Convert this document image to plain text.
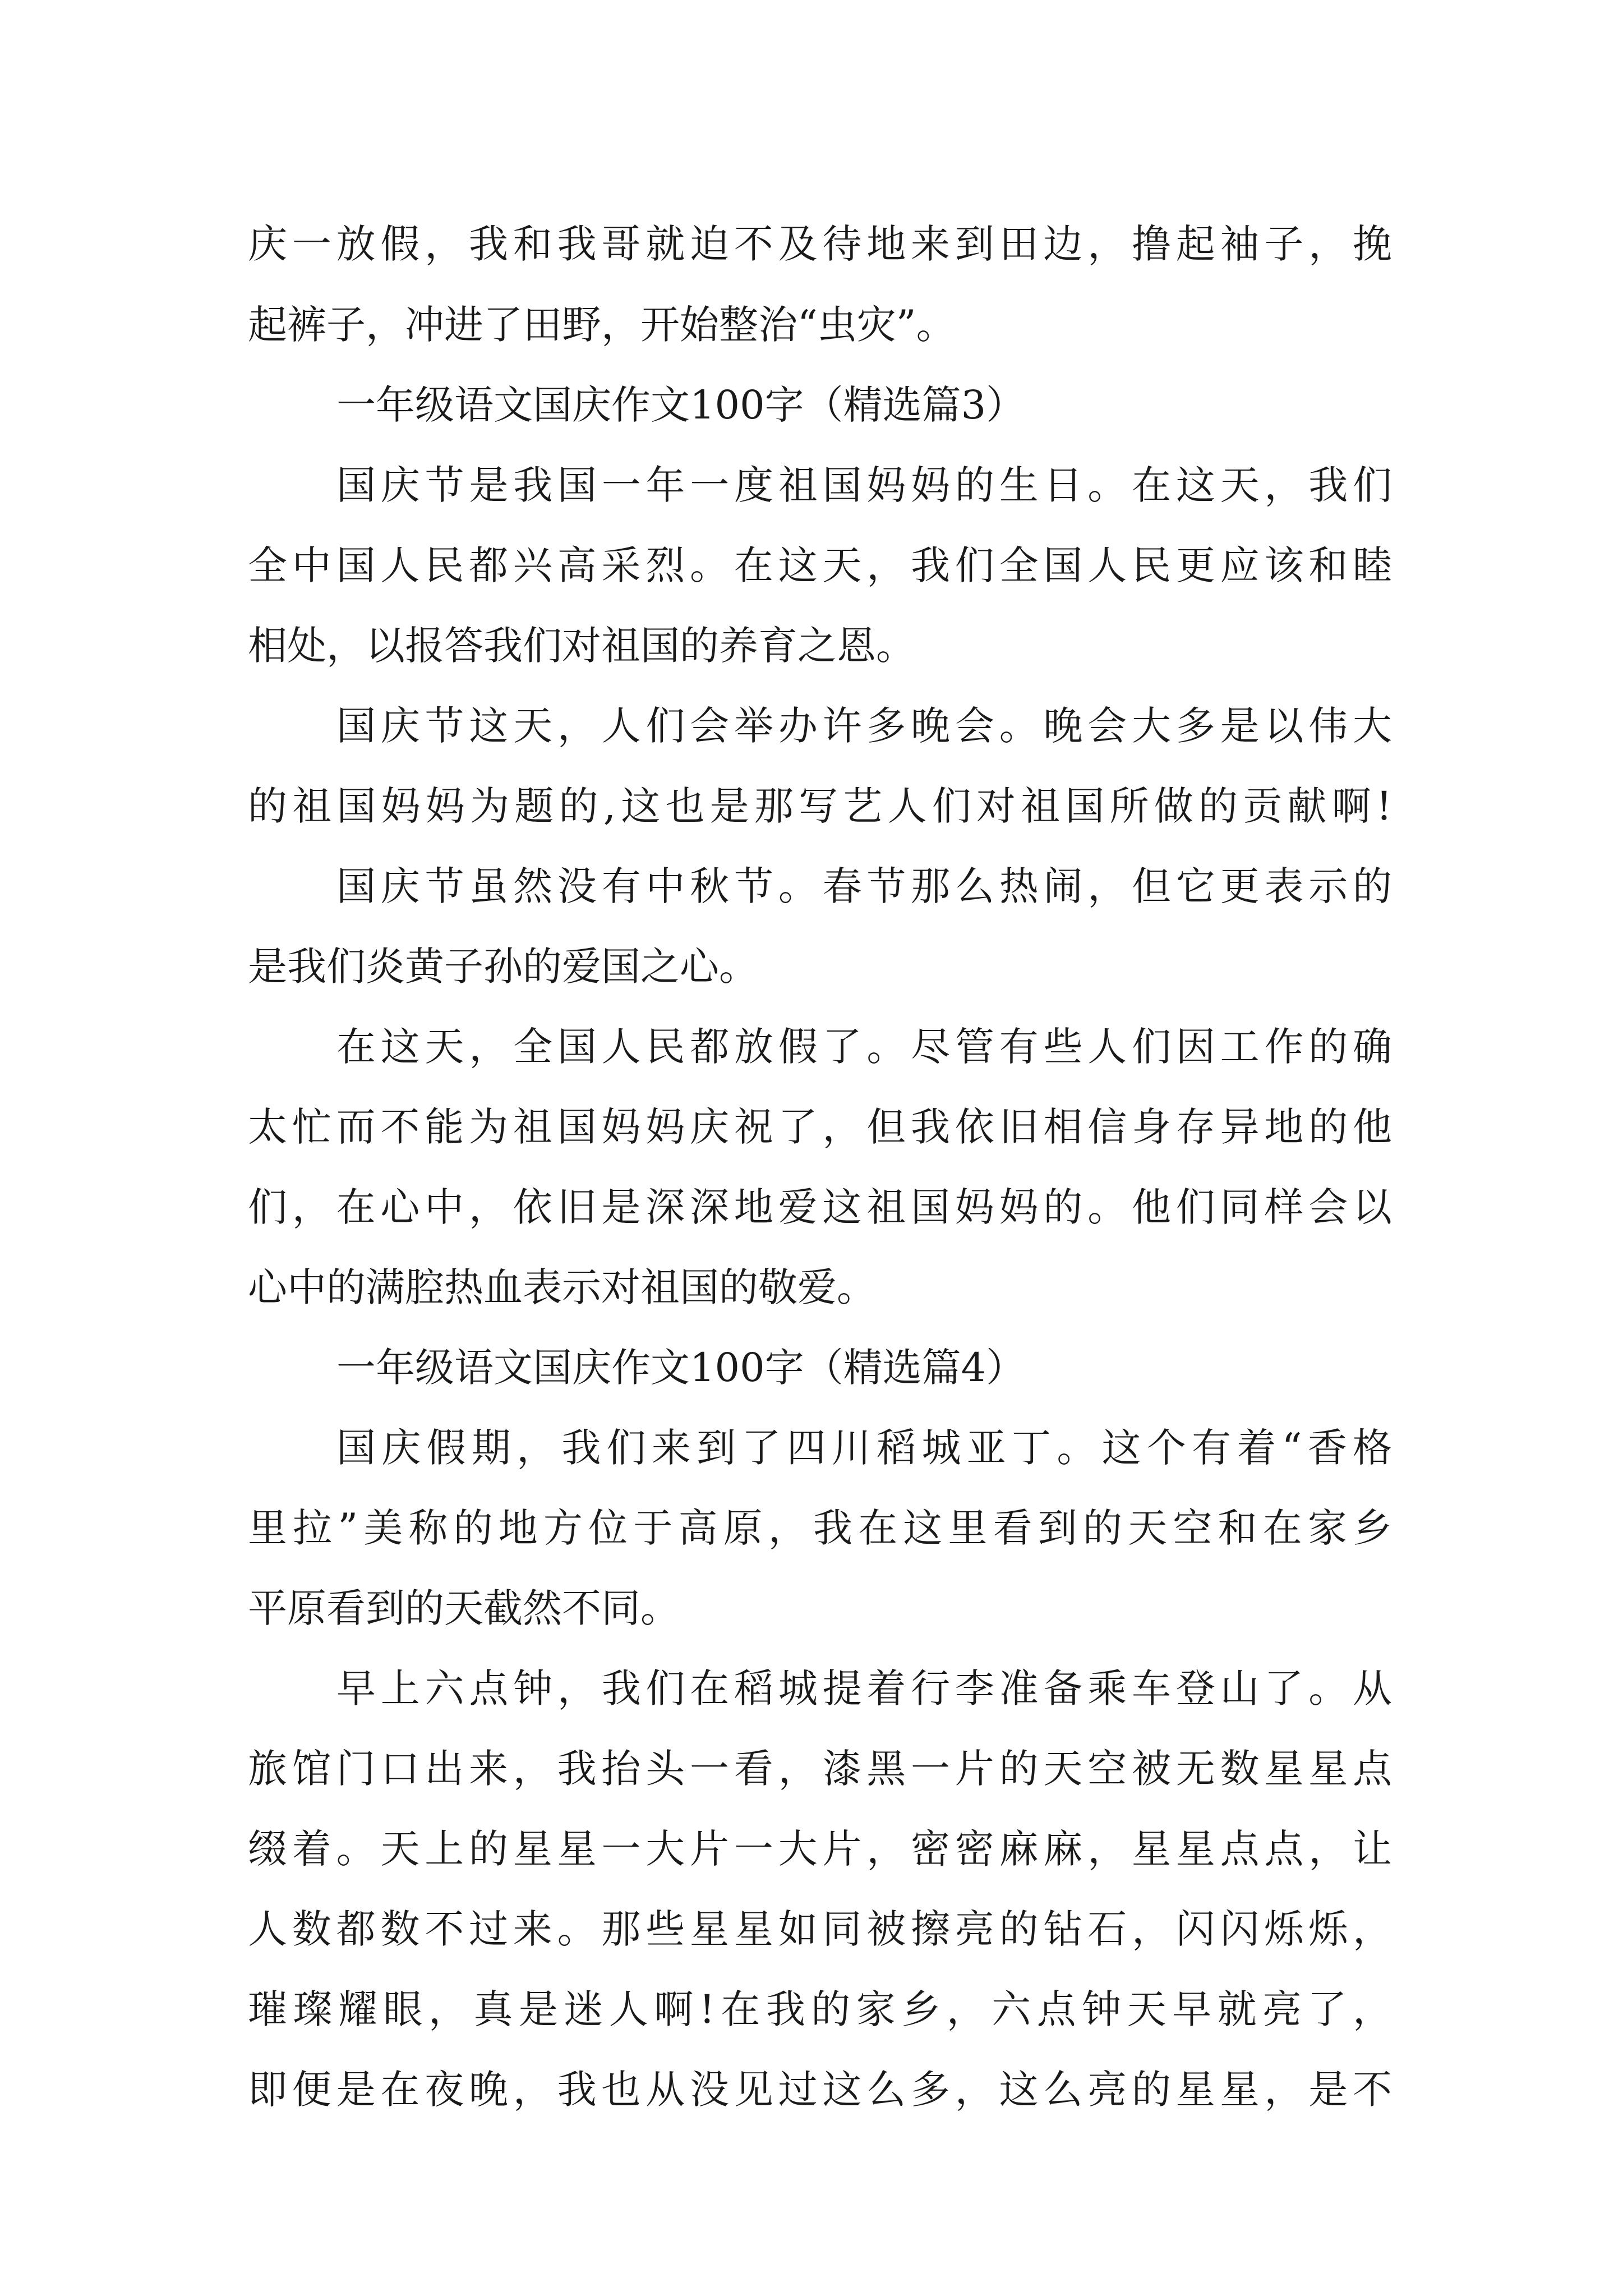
庆一放假，我和我哥就迫不及待地来到田边，撸起袖子，挽
起裤子，冲进了田野，开始整治“虫灾”。
一年级语文国庆作文100字（精选篇3）
国庆节是我国一年一度祖国妈妈的生日。在这天，我们
全中国人民都兴高采烈。在这天，我们全国人民更应该和睦
相处，以报答我们对祖国的养育之恩。
国庆节这天，人们会举办许多晚会。晚会大多是以伟大
的祖国妈妈为题的,这也是那写艺人们对祖国所做的贡献啊!
国庆节虽然没有中秋节。春节那么热闹，但它更表示的
是我们炎黄子孙的爱国之心。
在这天，全国人民都放假了。尽管有些人们因工作的确
太忙而不能为祖国妈妈庆祝了，但我依旧相信身存异地的他
们，在心中，依旧是深深地爱这祖国妈妈的。他们同样会以
心中的满腔热血表示对祖国的敬爱。
一年级语文国庆作文100字（精选篇4）
国庆假期，我们来到了四川稻城亚丁。这个有着“香格
里拉”美称的地方位于高原，我在这里看到的天空和在家乡
平原看到的天截然不同。
早上六点钟，我们在稻城提着行李准备乘车登山了。从
旅馆门口出来，我抬头一看，漆黑一片的天空被无数星星点
缀着。天上的星星一大片一大片，密密麻麻，星星点点，让
人数都数不过来。那些星星如同被擦亮的钻石，闪闪烁烁，
璀璨耀眼，真是迷人啊!在我的家乡，六点钟天早就亮了，
即便是在夜晚，我也从没见过这么多，这么亮的星星，是不
